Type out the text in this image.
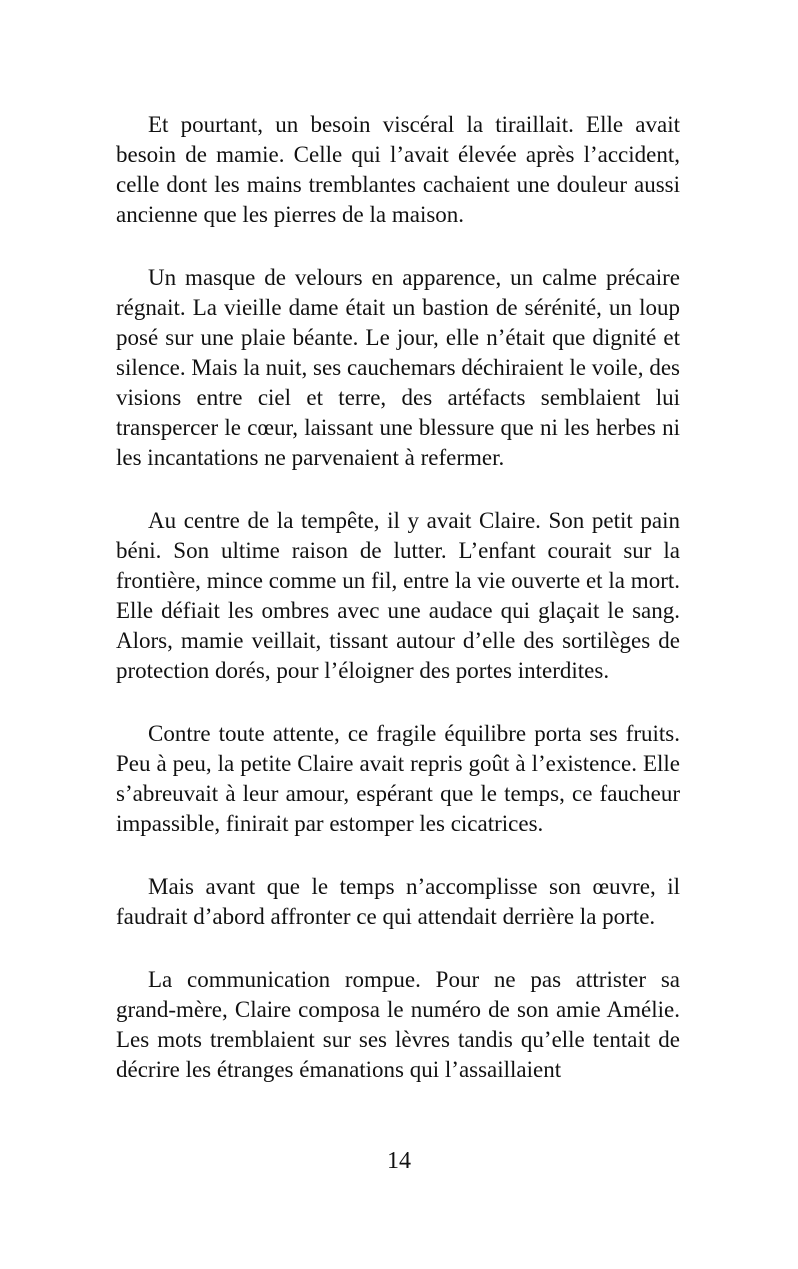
Et pourtant, un besoin viscéral la tiraillait. Elle avait besoin de mamie. Celle qui l’avait élevée après l’accident, celle dont les mains tremblantes cachaient une douleur aussi ancienne que les pierres de la maison.

Un masque de velours en apparence, un calme précaire régnait. La vieille dame était un bastion de sérénité, un loup posé sur une plaie béante. Le jour, elle n’était que dignité et silence. Mais la nuit, ses cauchemars déchiraient le voile, des visions entre ciel et terre, des artéfacts semblaient lui transpercer le cœur, laissant une blessure que ni les herbes ni les incantations ne parvenaient à refermer.

Au centre de la tempête, il y avait Claire. Son petit pain béni. Son ultime raison de lutter. L’enfant courait sur la frontière, mince comme un fil, entre la vie ouverte et la mort. Elle défiait les ombres avec une audace qui glaçait le sang. Alors, mamie veillait, tissant autour d’elle des sortilèges de protection dorés, pour l’éloigner des portes interdites.

Contre toute attente, ce fragile équilibre porta ses fruits. Peu à peu, la petite Claire avait repris goût à l’existence. Elle s’abreuvait à leur amour, espérant que le temps, ce faucheur impassible, finirait par estomper les cicatrices.

Mais avant que le temps n’accomplisse son œuvre, il faudrait d’abord affronter ce qui attendait derrière la porte.

La communication rompue. Pour ne pas attrister sa grand-mère, Claire composa le numéro de son amie Amélie. Les mots tremblaient sur ses lèvres tandis qu’elle tentait de décrire les étranges émanations qui l’assaillaient

14
